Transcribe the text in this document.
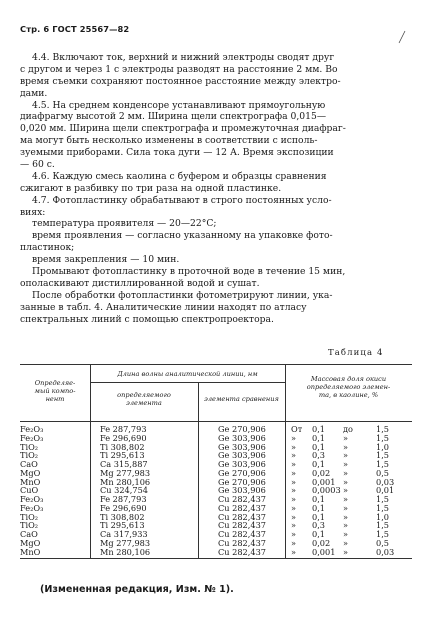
Стр. 6 ГОСТ 25567—82
4.4. Включают ток, верхний и нижний электроды сводят друг
с другом и через 1 с электроды разводят на расстояние 2 мм. Во
время съемки сохраняют постоянное расстояние между электро-
дами.
4.5. На среднем конденсоре устанавливают прямоугольную
диафрагму высотой 2 мм. Ширина щели спектрографа 0,015—
0,020 мм. Ширина щели спектрографа и промежуточная диафраг-
ма могут быть несколько изменены в соответствии с исполь-
зуемыми приборами. Сила тока дуги — 12 А. Время экспозиции
— 60 с.
4.6. Каждую смесь каолина с буфером и образцы сравнения
сжигают в разбивку по три раза на одной пластинке.
4.7. Фотопластинку обрабатывают в строго постоянных усло-
виях:
температура проявителя — 20—22°С;
время проявления — согласно указанному на упаковке фото-
пластинок;
время закрепления — 10 мин.
Промывают фотопластинку в проточной воде в течение 15 мин,
ополаскивают дистиллированной водой и сушат.
После обработки фотопластинки фотометрируют линии, ука-
занные в табл. 4. Аналитические линии находят по атласу
спектральных линий с помощью спектропроектора.
Таблица 4
Определяе-
мый компо-
нент
Длина волны аналитической линии, нм
определяемого
элемента	элемента сравнения
Массовая доля окиси
определяемого элемен-
та, в каолине, %
Fe₂O₃	Fe 287,793	Ge 270,906	От	0,1	до	1,5
Fe₂O₃	Fe 296,690	Ge 303,906	»	0,1	»	1,5
TiO₂	Ti 308,802	Ge 303,906	»	0,1	»	1,0
TiO₂	Ti 295,613	Ge 303,906	»	0,3	»	1,5
CaO	Ca 315,887	Ge 303,906	»	0,1	»	1,5
MgO	Mg 277,983	Ge 270,906	»	0,02	»	0,5
MnO	Mn 280,106	Ge 270,906	»	0,001 »	0,03
CuO	Cu 324,754	Ge 303,906	»	0,0003 »	0,01
Fe₂O₃	Fe 287,793	Cu 282,437	»	0,1	»	1,5
Fe₂O₃	Fe 296,690	Cu 282,437	»	0,1	»	1,5
TiO₂	Ti 308,802	Cu 282,437	»	0,1	»	1,0
TiO₂	Ti 295,613	Cu 282,437	»	0,3	»	1,5
CaO	Ca 317,933	Cu 282,437	»	0,1	»	1,5
MgO	Mg 277,983	Cu 282,437	»	0,02	»	0,5
MnO	Mn 280,106	Cu 282,437	»	0,001 »	0,03
(Измененная редакция, Изм. № 1).
